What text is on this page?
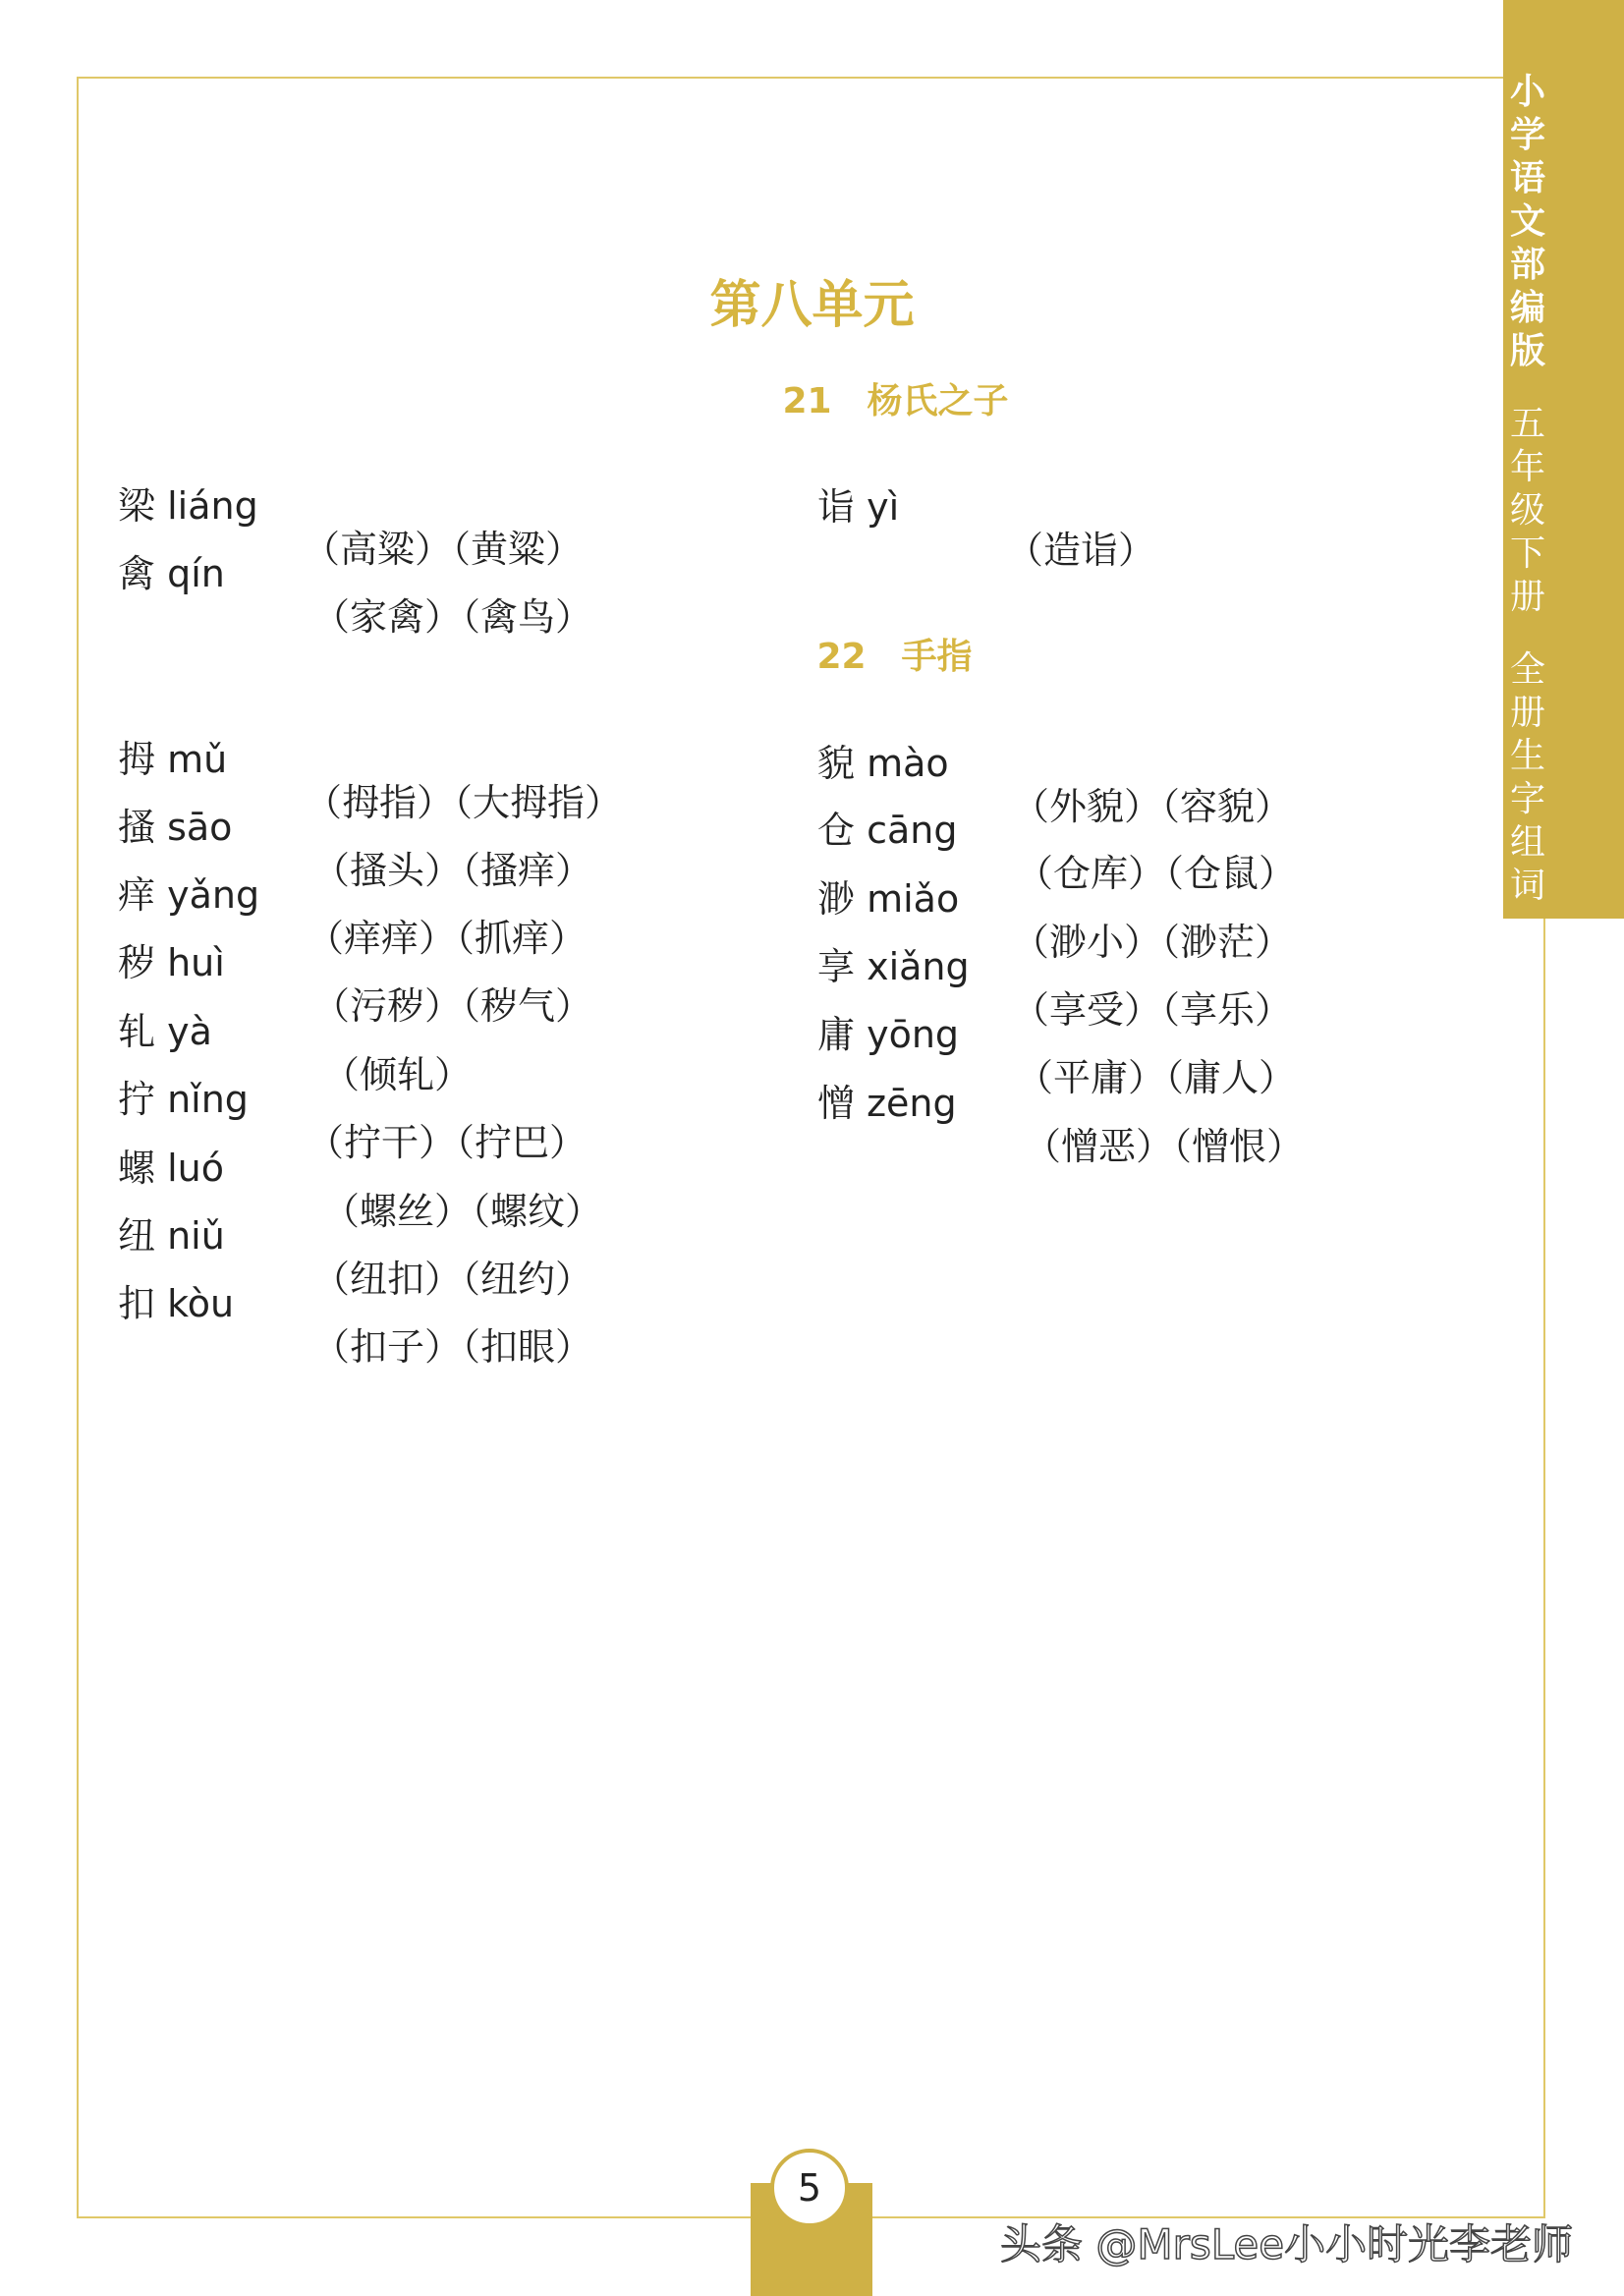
小
学
语
文
部
编
版
五
年
级
下
册
全
册
生
字
组
词
第八单元
21　杨氏之子
22　手指

梁 liáng

（高粱）（黄粱）

禽 qín

（家禽）（禽鸟）

诣 yì

（造诣）

拇 mǔ

（拇指）（大拇指）

搔 sāo

（搔头）（搔痒）

痒 yǎng

（痒痒）（抓痒）

秽 huì

（污秽）（秽气）

轧 yà

（倾轧）

拧 nǐng

（拧干）（拧巴）

螺 luó

（螺丝）（螺纹）

纽 niǔ

（纽扣）（纽约）

扣 kòu

（扣子）（扣眼）

貌 mào

（外貌）（容貌）

仓 cāng

（仓库）（仓鼠）

渺 miǎo

（渺小）（渺茫）

享 xiǎng

（享受）（享乐）

庸 yōng

（平庸）（庸人）

憎 zēng

（憎恶）（憎恨）

5
头条 @MrsLee小小时光李老师
